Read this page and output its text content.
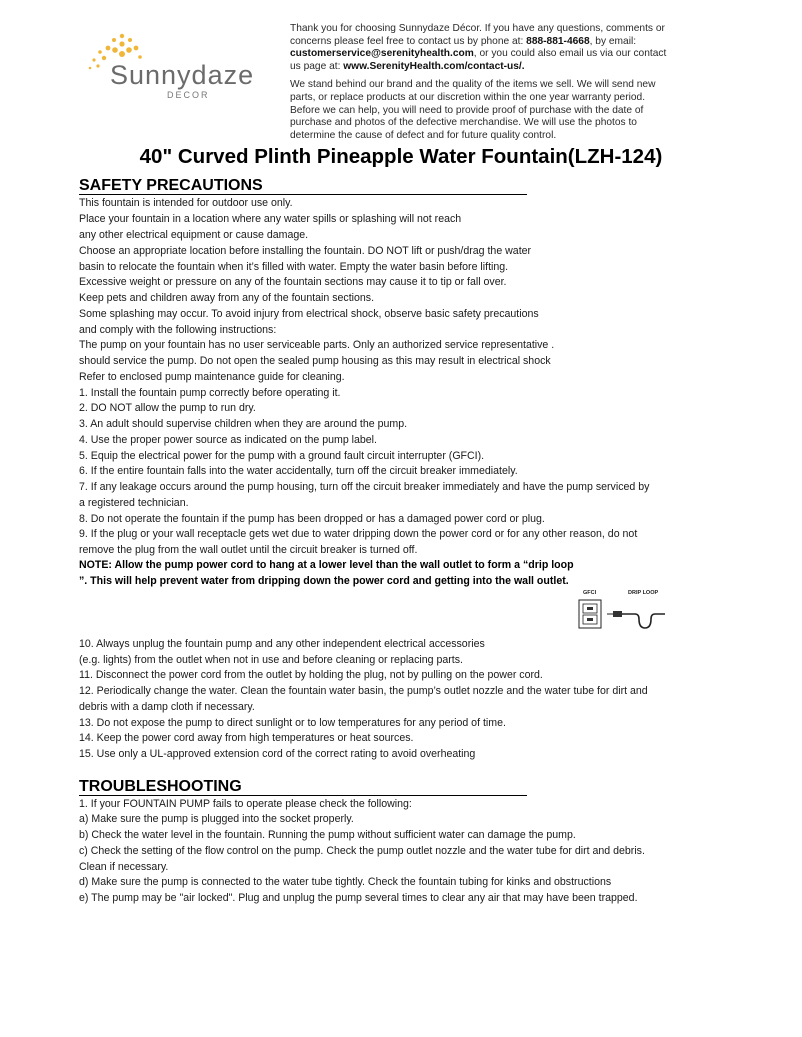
Sunnydaze
DECOR

Thank you for choosing Sunnydaze Décor. If you have any questions, comments or
concerns please feel free to contact us by phone at: 888-881-4668, by email:
customerservice@serenityhealth.com, or you could also email us via our contact
us page at: www.SerenityHealth.com/contact-us/.

We stand behind our brand and the quality of the items we sell. We will send new
parts, or replace products at our discretion within the one year warranty period.
Before we can help, you will need to provide proof of purchase with the date of
purchase and photos of the defective merchandise. We will use the photos to
determine the cause of defect and for future quality control.

40" Curved Plinth Pineapple Water Fountain(LZH-124)
SAFETY PRECAUTIONS
This fountain is intended for outdoor use only.
Place your fountain in a location where any water spills or splashing will not reach
any other electrical equipment or cause damage.
Choose an appropriate location before installing the fountain. DO NOT lift or push/drag the water
basin to relocate the fountain when it’s filled with water. Empty the water basin before lifting.
Excessive weight or pressure on any of the fountain sections may cause it to tip or fall over.
Keep pets and children away from any of the fountain sections.
Some splashing may occur. To avoid injury from electrical shock, observe basic safety precautions
and comply with the following instructions:
The pump on your fountain has no user serviceable parts. Only an authorized service representative .
should service the pump. Do not open the sealed pump housing as this may result in electrical shock
Refer to enclosed pump maintenance guide for cleaning.
1. Install the fountain pump correctly before operating it.
2. DO NOT allow the pump to run dry.
3. An adult should supervise children when they are around the pump.
4. Use the proper power source as indicated on the pump label.
5. Equip the electrical power for the pump with a ground fault circuit interrupter (GFCI).
6. If the entire fountain falls into the water accidentally, turn off the circuit breaker immediately.
7. If any leakage occurs around the pump housing, turn off the circuit breaker immediately and have the pump serviced by
a registered technician.
8. Do not operate the fountain if the pump has been dropped or has a damaged power cord or plug.
9. If the plug or your wall receptacle gets wet due to water dripping down the power cord or for any other reason, do not
remove the plug from the wall outlet until the circuit breaker is turned off.
NOTE: Allow the pump power cord to hang at a lower level than the wall outlet to form a “drip loop
”. This will help prevent water from dripping down the power cord and getting into the wall outlet.
GFCI	DRIP LOOP
10. Always unplug the fountain pump and any other independent electrical accessories
(e.g. lights) from the outlet when not in use and before cleaning or replacing parts.
11. Disconnect the power cord from the outlet by holding the plug, not by pulling on the power cord.
12. Periodically change the water. Clean the fountain water basin, the pump’s outlet nozzle and the water tube for dirt and
debris with a damp cloth if necessary.
13. Do not expose the pump to direct sunlight or to low temperatures for any period of time.
14. Keep the power cord away from high temperatures or heat sources.
15. Use only a UL-approved extension cord of the correct rating to avoid overheating
TROUBLESHOOTING
1. If your FOUNTAIN PUMP fails to operate please check the following:
a) Make sure the pump is plugged into the socket properly.
b) Check the water level in the fountain. Running the pump without sufficient water can damage the pump.
c) Check the setting of the flow control on the pump. Check the pump outlet nozzle and the water tube for dirt and debris.
Clean if necessary.
d) Make sure the pump is connected to the water tube tightly. Check the fountain tubing for kinks and obstructions
e) The pump may be "air locked". Plug and unplug the pump several times to clear any air that may have been trapped.
